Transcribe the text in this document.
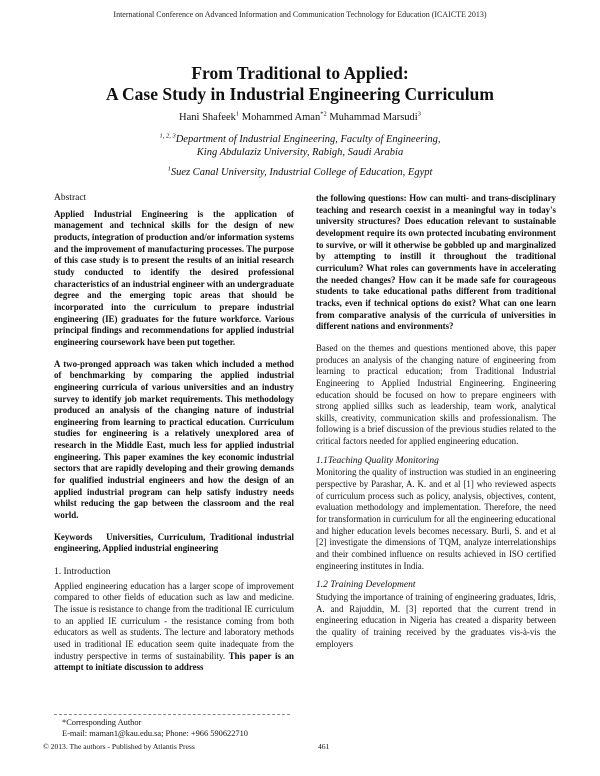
International Conference on Advanced Information and Communication Technology for Education (ICAICTE 2013)
From Traditional to Applied:
A Case Study in Industrial Engineering Curriculum
Hani Shafeek$^1$ Mohammed Aman$^{*2}$ Muhammad Marsudi$^3$
$^{1, 2, 3}$Department of Industrial Engineering, Faculty of Engineering,
King Abdulaziz University, Rabigh, Saudi Arabia
$^1$Suez Canal University, Industrial College of Education, Egypt
Abstract

Applied Industrial Engineering is the application of management and technical skills for the design of new products, integration of production and/or information systems and the improvement of manufacturing processes. The purpose of this case study is to present the results of an initial research study conducted to identify the desired professional characteristics of an industrial engineer with an undergraduate degree and the emerging topic areas that should be incorporated into the curriculum to prepare industrial engineering (IE) graduates for the future workforce. Various principal findings and recommendations for applied industrial engineering coursework have been put together.

A two-pronged approach was taken which included a method of benchmarking by comparing the applied industrial engineering curricula of various universities and an industry survey to identify job market requirements. This methodology produced an analysis of the changing nature of industrial engineering from learning to practical education. Curriculum studies for engineering is a relatively unexplored area of research in the Middle East, much less for applied industrial engineering. This paper examines the key economic industrial sectors that are rapidly developing and their growing demands for qualified industrial engineers and how the design of an applied industrial program can help satisfy industry needs whilst reducing the gap between the classroom and the real world.

Keywords Universities, Curriculum, Traditional industrial engineering, Applied industrial engineering

1. Introduction

Applied engineering education has a larger scope of improvement compared to other fields of education such as law and medicine. The issue is resistance to change from the traditional IE curriculum to an applied IE curriculum - the resistance coming from both educators as well as students. The lecture and laboratory methods used in traditional IE education seem quite inadequate from the industry perspective in terms of sustainability. This paper is an attempt to initiate discussion to address

the following questions: How can multi- and trans-disciplinary teaching and research coexist in a meaningful way in today's university structures? Does education relevant to sustainable development require its own protected incubating environment to survive, or will it otherwise be gobbled up and marginalized by attempting to instill it throughout the traditional curriculum? What roles can governments have in accelerating the needed changes? How can it be made safe for courageous students to take educational paths different from traditional tracks, even if technical options do exist? What can one learn from comparative analysis of the curricula of universities in different nations and environments?

Based on the themes and questions mentioned above, this paper produces an analysis of the changing nature of engineering from learning to practical education; from Traditional Industrial Engineering to Applied Industrial Engineering. Engineering education should be focused on how to prepare engineers with strong applied sillks such as leadership, team work, analytical skills, creativity, communication skills and professionalism. The following is a brief discussion of the previous studies related to the critical factors needed for applied engineering education.

1.1Teaching Quality Monitoring

Monitoring the quality of instruction was studied in an engineering perspective by Parashar, A. K. and et al [1] who reviewed aspects of curriculum process such as policy, analysis, objectives, content, evaluation methodology and implementation. Therefore, the need for transformation in curriculum for all the engineering educational and higher education levels becomes necessary. Burli, S. and et al [2] investigate the dimensions of TQM, analyze interrelationships and their combined influence on results achieved in ISO certified engineering institutes in India.

1.2 Training Development

Studying the importance of training of engineering graduates, Idris, A. and Rajuddin, M. [3] reported that the current trend in engineering education in Nigeria has created a disparity between the quality of training received by the graduates vis-à-vis the employers

*Corresponding Author
E-mail: maman1@kau.edu.sa; Phone: +966 590622710
© 2013. The authors - Published by Atlantis Press	461
